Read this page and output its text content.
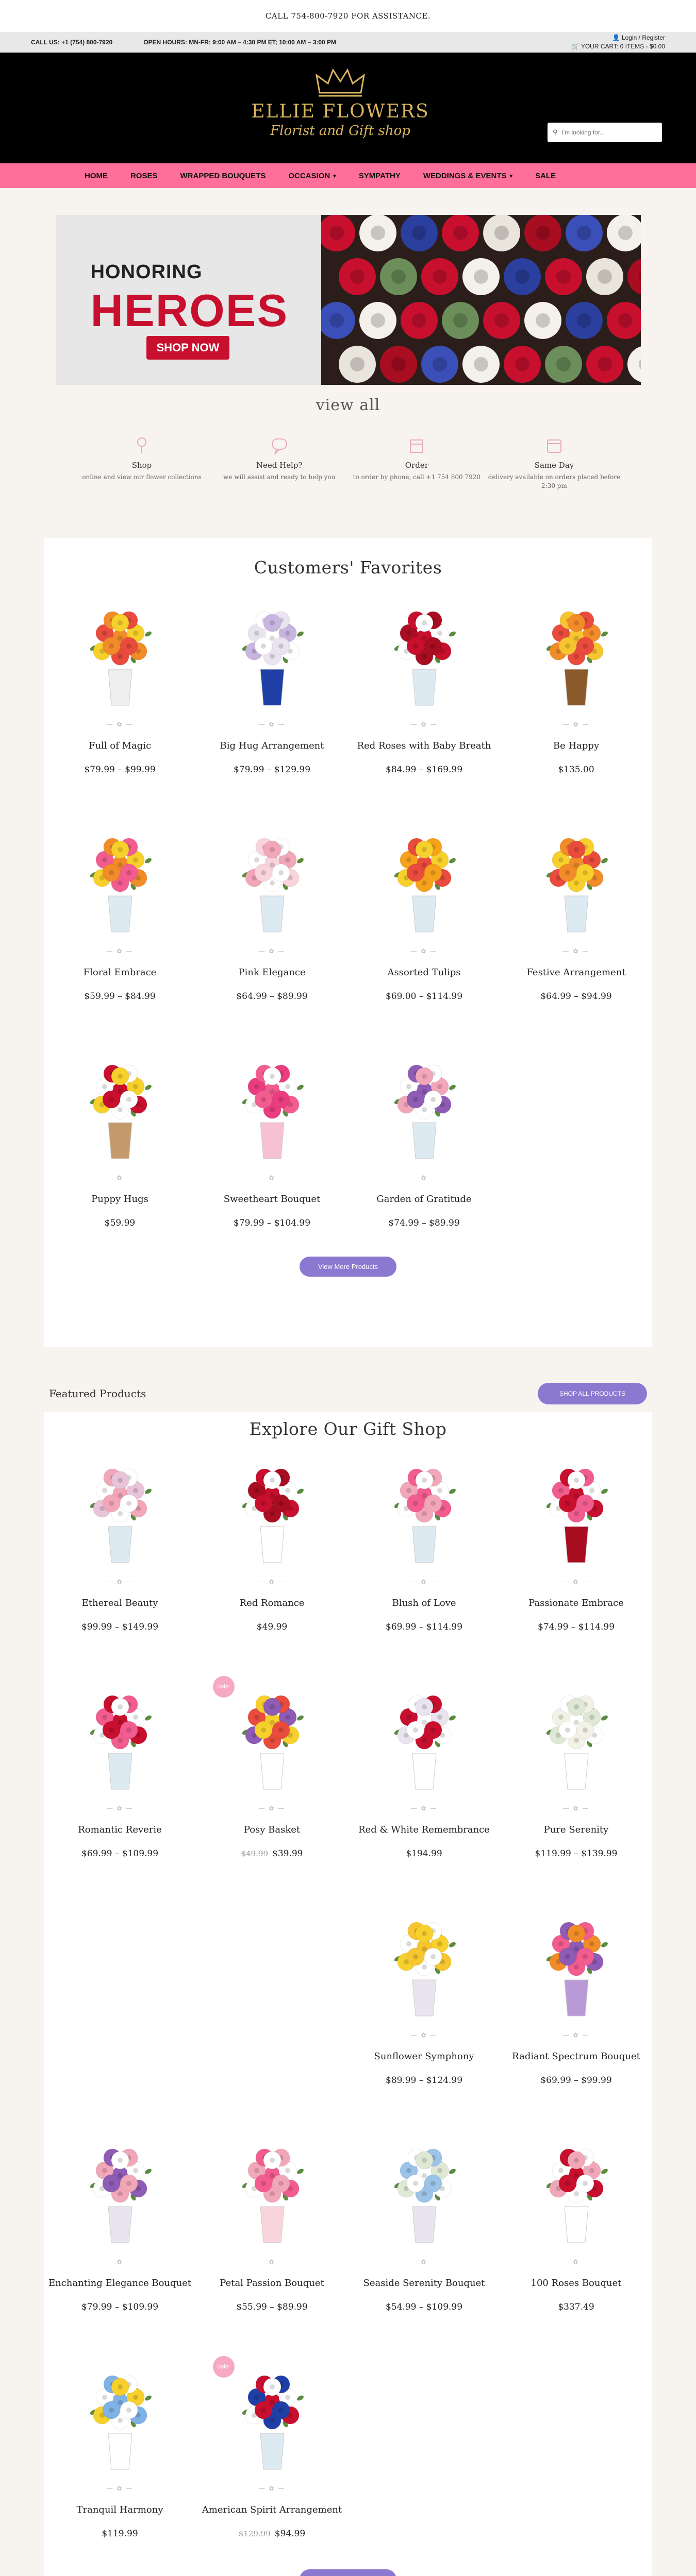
CALL 754-800-7920 FOR ASSISTANCE.
CALL US: +1 (754) 800-7920	OPEN HOURS: MN-FR: 9:00 AM – 4:30 PM ET; 10:00 AM – 3:00 PM
👤 Login / Register
🛒 YOUR CART: 0 ITEMS - $0.00
ELLIE FLOWERS
Florist and Gift shop	⚲
I'm looking for...
HOME	ROSES	WRAPPED BOUQUETS	OCCASION ▾	SYMPATHY	WEDDINGS & EVENTS ▾	SALE
HONORING
HEROES
SHOP NOW
view all
Shop
online and view our flower collections
Need Help?
we will assist and ready to help you
Order
to order by phone, call +1 754 800 7920
Same Day
delivery available on orders placed before 2:30 pm
Customers' Favorites
— ✿ —
Full of Magic
$79.99 – $99.99
— ✿ —
Big Hug Arrangement
$79.99 – $129.99
— ✿ —
Red Roses with Baby Breath
$84.99 – $169.99
— ✿ —
Be Happy
$135.00
— ✿ —
Floral Embrace
$59.99 – $84.99
— ✿ —
Pink Elegance
$64.99 – $89.99
— ✿ —
Assorted Tulips
$69.00 – $114.99
— ✿ —
Festive Arrangement
$64.99 – $94.99
— ✿ —
Puppy Hugs
$59.99
— ✿ —
Sweetheart Bouquet
$79.99 – $104.99
— ✿ —
Garden of Gratitude
$74.99 – $89.99
View More Products
Featured Products	SHOP ALL PRODUCTS
Explore Our Gift Shop
— ✿ —
Ethereal Beauty
$99.99 – $149.99
— ✿ —
Red Romance
$49.99
— ✿ —
Blush of Love
$69.99 – $114.99
— ✿ —
Passionate Embrace
$74.99 – $114.99
— ✿ —
Romantic Reverie
$69.99 – $109.99
Sale!
— ✿ —
Posy Basket
$49.99 $39.99
— ✿ —
Red & White Remembrance
$194.99
— ✿ —
Pure Serenity
$119.99 – $139.99
— ✿ —
Sunflower Symphony
$89.99 – $124.99
— ✿ —
Radiant Spectrum Bouquet
$69.99 – $99.99
— ✿ —
Enchanting Elegance Bouquet
$79.99 – $109.99
— ✿ —
Petal Passion Bouquet
$55.99 – $89.99
— ✿ —
Seaside Serenity Bouquet
$54.99 – $109.99
— ✿ —
100 Roses Bouquet
$337.49
— ✿ —
Tranquil Harmony
$119.99
Sale!
— ✿ —
American Spirit Arrangement
$129.99 $94.99
